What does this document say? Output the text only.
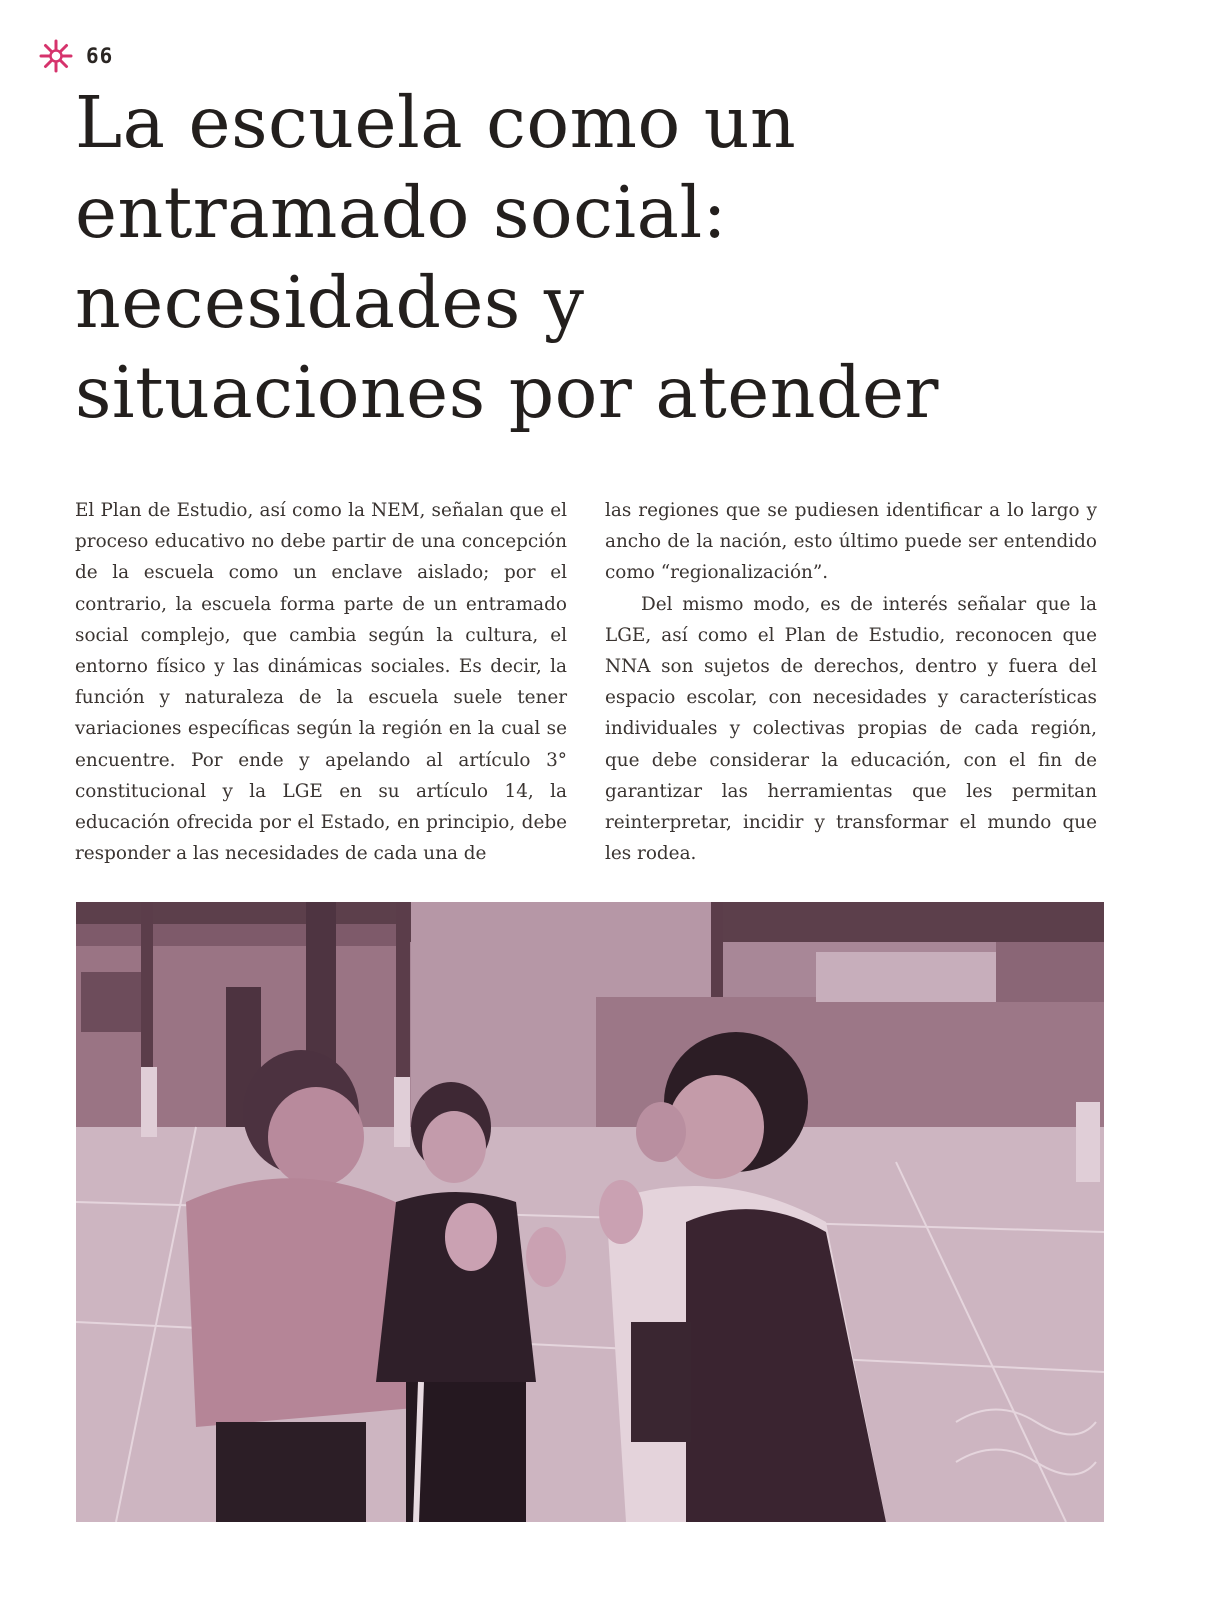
66
La escuela como un
entramado social:
necesidades y
situaciones por atender

El Plan de Estudio, así como la NEM, señalan que el proceso educativo no debe partir de una concepción de la escuela como un enclave aislado; por el contrario, la escuela forma parte de un entramado social complejo, que cambia según la cultura, el entorno físico y las dinámicas sociales. Es decir, la función y naturaleza de la escuela suele tener variaciones específicas según la región en la cual se encuentre. Por ende y apelando al artículo 3° constitucional y la LGE en su artículo 14, la educación ofrecida por el Estado, en principio, debe responder a las necesidades de cada una de

las regiones que se pudiesen identificar a lo largo y ancho de la nación, esto último puede ser entendido como “regionalización”.

Del mismo modo, es de interés señalar que la LGE, así como el Plan de Estudio, reconocen que NNA son sujetos de derechos, dentro y fuera del espacio escolar, con necesidades y características individuales y colectivas propias de cada región, que debe considerar la educación, con el fin de garantizar las herramientas que les permitan reinterpretar, incidir y transformar el mundo que les rodea.
